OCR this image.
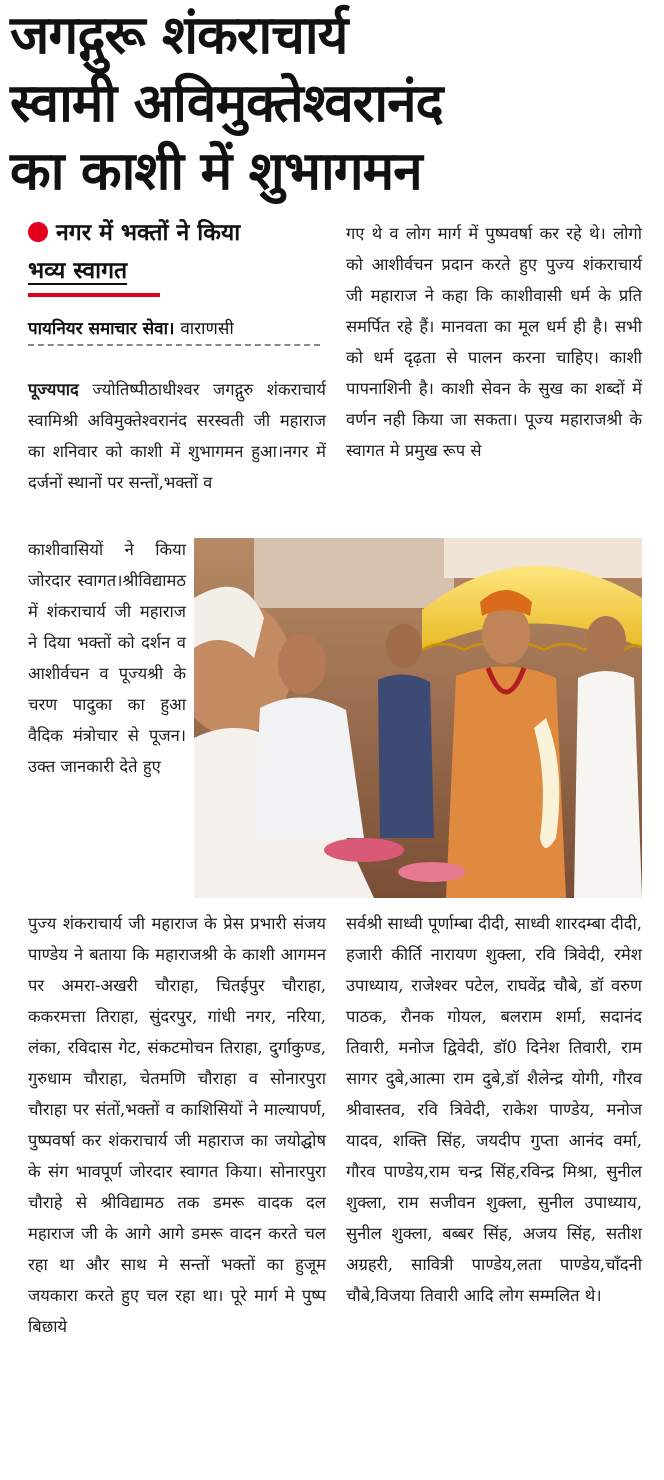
जगद्गुरू शंकराचार्य
स्वामी अविमुक्तेश्वरानंद
का काशी में शुभागमन
नगर में भक्तों ने किया
भव्य स्वागत
पायनियर समाचार सेवा। वाराणसी

पूज्यपाद ज्योतिष्पीठाधीश्वर जगद्गुरु शंकराचार्य स्वामिश्री अविमुक्तेश्वरानंद सरस्वती जी महाराज का शनिवार को काशी में शुभागमन हुआ।नगर में दर्जनों स्थानों पर सन्तों,भक्तों व

काशीवासियों ने किया जोरदार स्वागत।श्रीविद्यामठ में शंकराचार्य जी महाराज ने दिया भक्तों को दर्शन व आशीर्वचन व पूज्यश्री के चरण पादुका का हुआ वैदिक मंत्रोचार से पूजन। उक्त जानकारी देते हुए

गए थे व लोग मार्ग में पुष्पवर्षा कर रहे थे। लोगो को आशीर्वचन प्रदान करते हुए पुज्य शंकराचार्य जी महाराज ने कहा कि काशीवासी धर्म के प्रति समर्पित रहे हैं। मानवता का मूल धर्म ही है। सभी को धर्म दृढ़ता से पालन करना चाहिए। काशी पापनाशिनी है। काशी सेवन के सुख का शब्दों में वर्णन नही किया जा सकता। पूज्य महाराजश्री के स्वागत मे प्रमुख रूप से

पुज्य शंकराचार्य जी महाराज के प्रेस प्रभारी संजय पाण्डेय ने बताया कि महाराजश्री के काशी आगमन पर अमरा-अखरी चौराहा, चितईपुर चौराहा, ककरमत्ता तिराहा, सुंदरपुर, गांधी नगर, नरिया, लंका, रविदास गेट, संकटमोचन तिराहा, दुर्गाकुण्ड, गुरुधाम चौराहा, चेतमणि चौराहा व सोनारपुरा चौराहा पर संतों,भक्तों व काशिसियों ने माल्यापर्ण, पुष्पवर्षा कर शंकराचार्य जी महाराज का जयोद्घोष के संग भावपूर्ण जोरदार स्वागत किया। सोनारपुरा चौराहे से श्रीविद्यामठ तक डमरू वादक दल महाराज जी के आगे आगे डमरू वादन करते चल रहा था और साथ मे सन्तों भक्तों का हुजूम जयकारा करते हुए चल रहा था। पूरे मार्ग मे पुष्प बिछाये

सर्वश्री साध्वी पूर्णाम्बा दीदी, साध्वी शारदम्बा दीदी, हजारी कीर्ति नारायण शुक्ला, रवि त्रिवेदी, रमेश उपाध्याय, राजेश्वर पटेल, राघवेंद्र चौबे, डॉ वरुण पाठक, रौनक गोयल, बलराम शर्मा, सदानंद तिवारी, मनोज द्विवेदी, डॉ0 दिनेश तिवारी, राम सागर दुबे,आत्मा राम दुबे,डॉ शैलेन्द्र योगी, गौरव श्रीवास्तव, रवि त्रिवेदी, राकेश पाण्डेय, मनोज यादव, शक्ति सिंह, जयदीप गुप्ता आनंद वर्मा, गौरव पाण्डेय,राम चन्द्र सिंह,रविन्द्र मिश्रा, सुनील शुक्ला, राम सजीवन शुक्ला, सुनील उपाध्याय, सुनील शुक्ला, बब्बर सिंह, अजय सिंह, सतीश अग्रहरी, सावित्री पाण्डेय,लता पाण्डेय,चाँदनी चौबे,विजया तिवारी आदि लोग सम्मलित थे।
